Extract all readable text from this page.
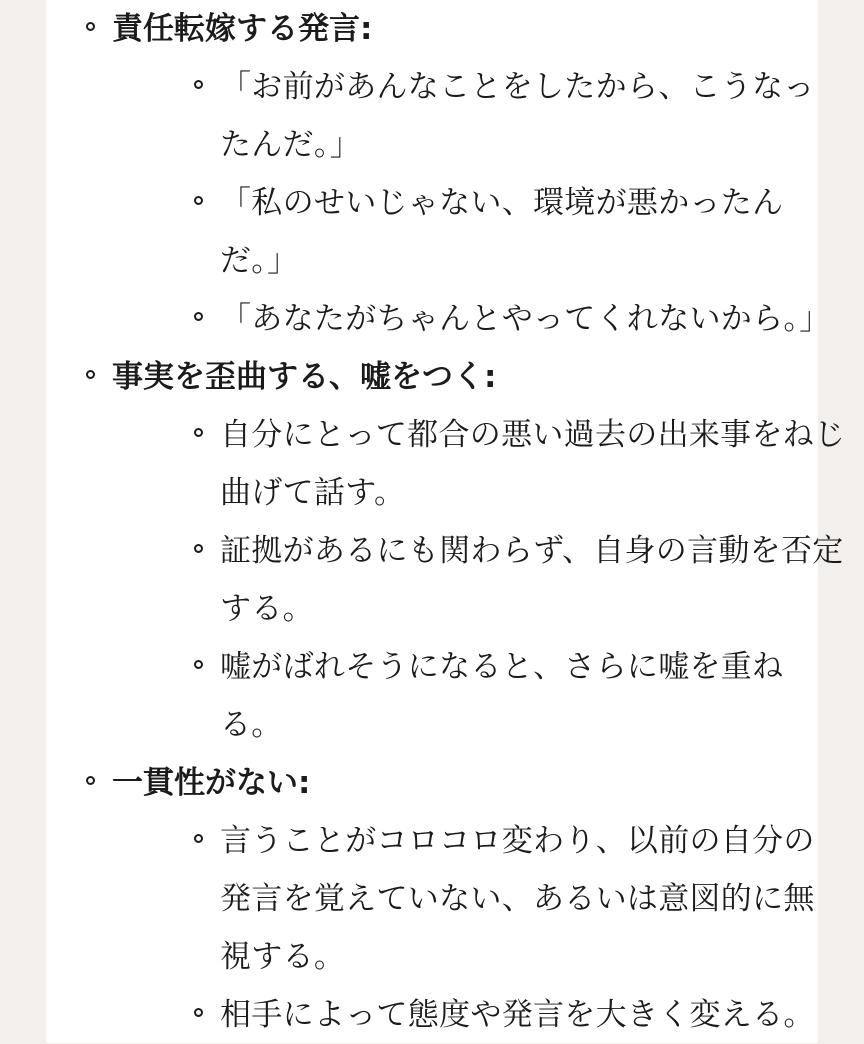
責任転嫁する発言:
「お前があんなことをしたから、こうなっ
たんだ。」
「私のせいじゃない、環境が悪かったん
だ。」
「あなたがちゃんとやってくれないから。」
事実を歪曲する、嘘をつく:
自分にとって都合の悪い過去の出来事をねじ
曲げて話す。
証拠があるにも関わらず、自身の言動を否定
する。
嘘がばれそうになると、さらに嘘を重ね
る。
一貫性がない:
言うことがコロコロ変わり、以前の自分の
発言を覚えていない、あるいは意図的に無
視する。
相手によって態度や発言を大きく変える。
